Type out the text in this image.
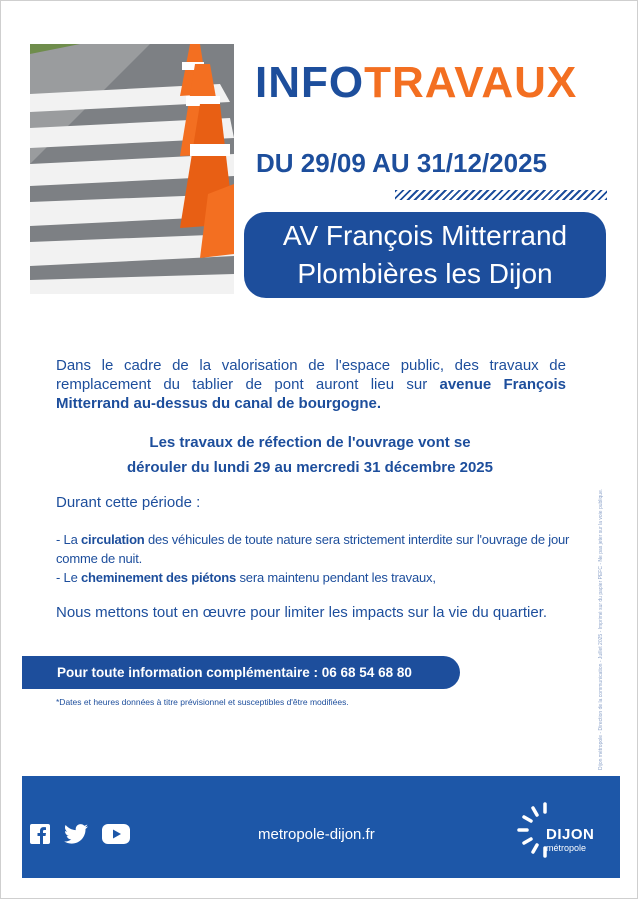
INFOTRAVAUX
DU 29/09 AU 31/12/2025
AV François Mitterrand
Plombières les Dijon
Dans le cadre de la valorisation de l'espace public, des travaux de remplacement du tablier de pont auront lieu sur avenue François Mitterrand au-dessus du canal de bourgogne.
Les travaux de réfection de l'ouvrage vont se
dérouler du lundi 29 au mercredi 31 décembre 2025
Durant cette période :

- La circulation des véhicules de toute nature sera strictement interdite sur l'ouvrage de jour comme de nuit.

- Le cheminement des piétons sera maintenu pendant les travaux,

Nous mettons tout en œuvre pour limiter les impacts sur la vie du quartier.
Pour toute information complémentaire : 06 68 54 68 80
*Dates et heures données à titre prévisionnel et susceptibles d'être modifiées.	Dijon métropole - Direction de la communication - Juillet 2025 - Imprimé sur du papier PEFC - Ne pas jeter sur la voie publique.
metropole-dijon.fr	DIJON
métropole
